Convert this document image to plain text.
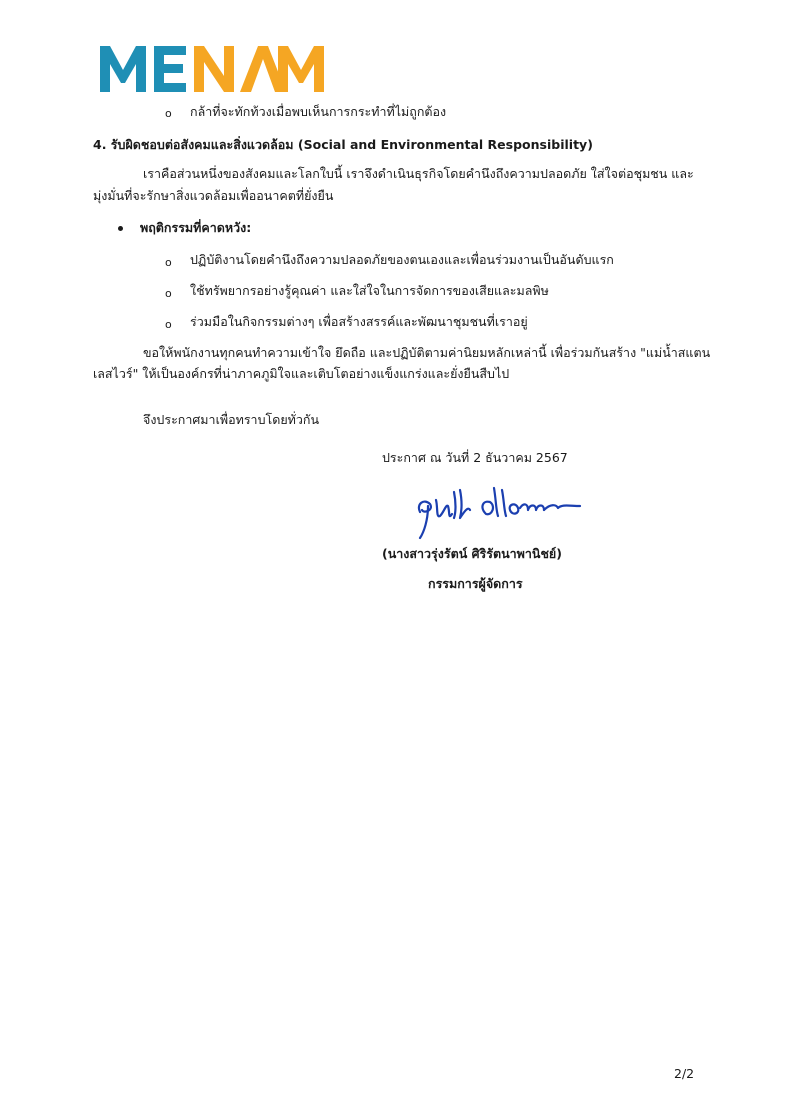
o กล้าที่จะทักท้วงเมื่อพบเห็นการกระทำที่ไม่ถูกต้อง
4. รับผิดชอบต่อสังคมและสิ่งแวดล้อม (Social and Environmental Responsibility)
เราคือส่วนหนึ่งของสังคมและโลกใบนี้ เราจึงดำเนินธุรกิจโดยคำนึงถึงความปลอดภัย ใส่ใจต่อชุมชน และ
มุ่งมั่นที่จะรักษาสิ่งแวดล้อมเพื่ออนาคตที่ยั่งยืน
พฤติกรรมที่คาดหวัง:
o ปฏิบัติงานโดยคำนึงถึงความปลอดภัยของตนเองและเพื่อนร่วมงานเป็นอันดับแรก
o ใช้ทรัพยากรอย่างรู้คุณค่า และใส่ใจในการจัดการของเสียและมลพิษ
o ร่วมมือในกิจกรรมต่างๆ เพื่อสร้างสรรค์และพัฒนาชุมชนที่เราอยู่
ขอให้พนักงานทุกคนทำความเข้าใจ ยึดถือ และปฏิบัติตามค่านิยมหลักเหล่านี้ เพื่อร่วมกันสร้าง "แม่น้ำสแตน
เลสไวร์" ให้เป็นองค์กรที่น่าภาคภูมิใจและเติบโตอย่างแข็งแกร่งและยั่งยืนสืบไป
จึงประกาศมาเพื่อทราบโดยทั่วกัน
ประกาศ ณ วันที่ 2 ธันวาคม 2567
(นางสาวรุ่งรัตน์ ศิริรัตนาพานิชย์)
กรรมการผู้จัดการ
2/2
